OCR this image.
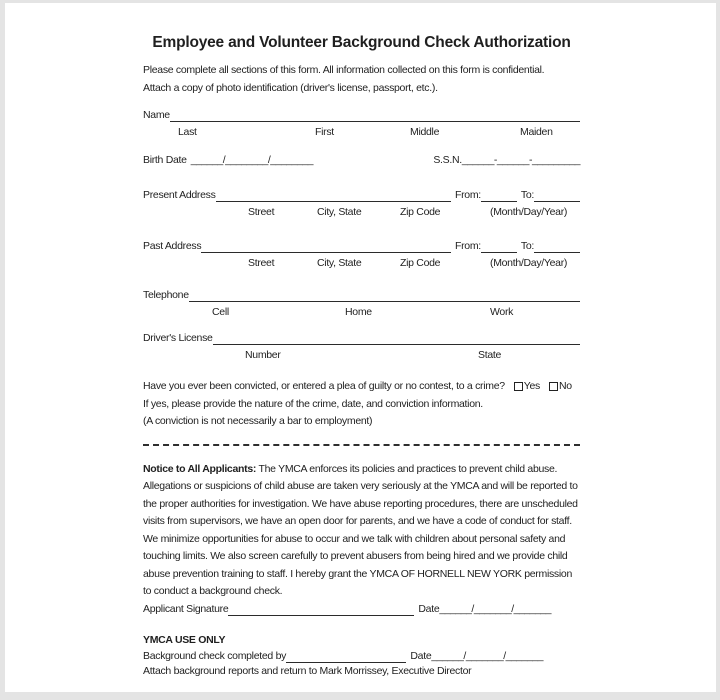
Employee and Volunteer Background Check Authorization
Please complete all sections of this form. All information collected on this form is confidential.
Attach a copy of photo identification (driver's license, passport, etc.).
Name
Last	First	Middle	Maiden
Birth Date ______/________/________	S.S.N. ______-______-_________
Present Address	From:	To:
Street	City, State	Zip Code	(Month/Day/Year)
Past Address	From:	To:
Street	City, State	Zip Code	(Month/Day/Year)
Telephone
Cell	Home	Work
Driver's License
Number	State
Have you ever been convicted, or entered a plea of guilty or no contest, to a crime? Yes No
If yes, please provide the nature of the crime, date, and conviction information.
(A conviction is not necessarily a bar to employment)
Notice to All Applicants: The YMCA enforces its policies and practices to prevent child abuse. Allegations or suspicions of child abuse are taken very seriously at the YMCA and will be reported to the proper authorities for investigation. We have abuse reporting procedures, there are unscheduled visits from supervisors, we have an open door for parents, and we have a code of conduct for staff. We minimize opportunities for abuse to occur and we talk with children about personal safety and touching limits. We also screen carefully to prevent abusers from being hired and we provide child abuse prevention training to staff. I hereby grant the YMCA OF HORNELL NEW YORK permission to conduct a background check.
Applicant Signature	Date ______/_______/_______
YMCA USE ONLY
Background check completed by	Date ______/_______/_______
Attach background reports and return to Mark Morrissey, Executive Director
